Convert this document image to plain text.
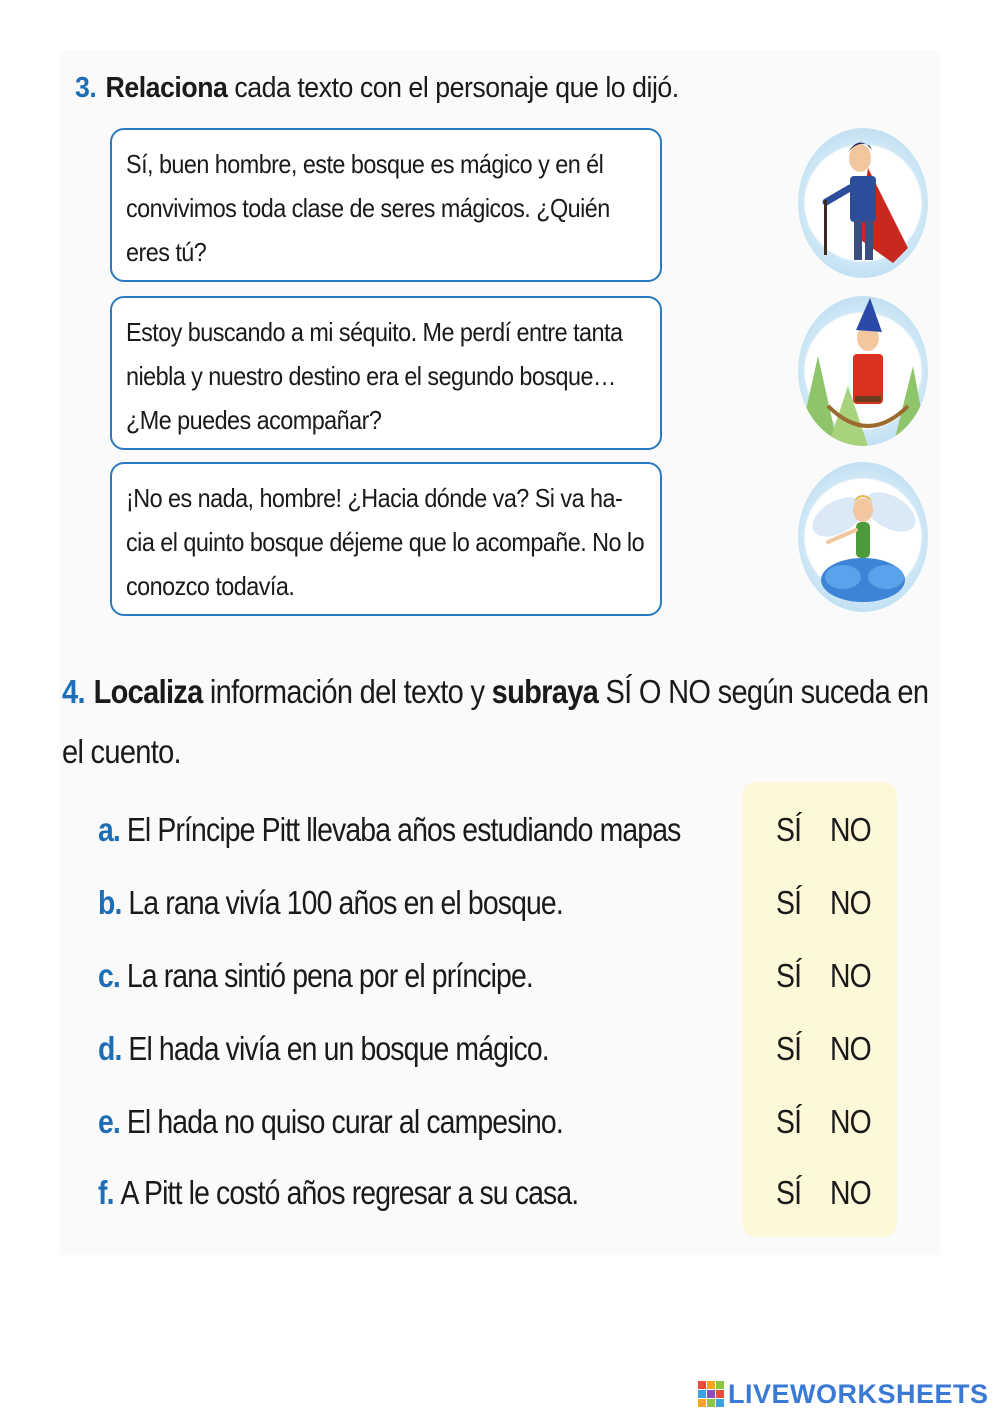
3. Relaciona cada texto con el personaje que lo dijó.
Sí, buen hombre, este bosque es mágico y en él convivimos toda clase de seres mágicos. ¿Quién eres tú?
Estoy buscando a mi séquito. Me perdí entre tanta niebla y nuestro destino era el segundo bosque… ¿Me puedes acompañar?
¡No es nada, hombre! ¿Hacia dónde va? Si va ha-cia el quinto bosque déjeme que lo acompañe. No lo conozco todavía.
4. Localiza información del texto y subraya SÍ O NO según suceda en el cuento.
a. El Príncipe Pitt llevaba años estudiando mapas
b. La rana vivía 100 años en el bosque.
c. La rana sintió pena por el príncipe.
d. El hada vivía en un bosque mágico.
e. El hada no quiso curar al campesino.
f. A Pitt le costó años regresar a su casa.
SÍ NO
SÍ NO
SÍ NO
SÍ NO
SÍ NO
SÍ NO
LIVEWORKSHEETS
